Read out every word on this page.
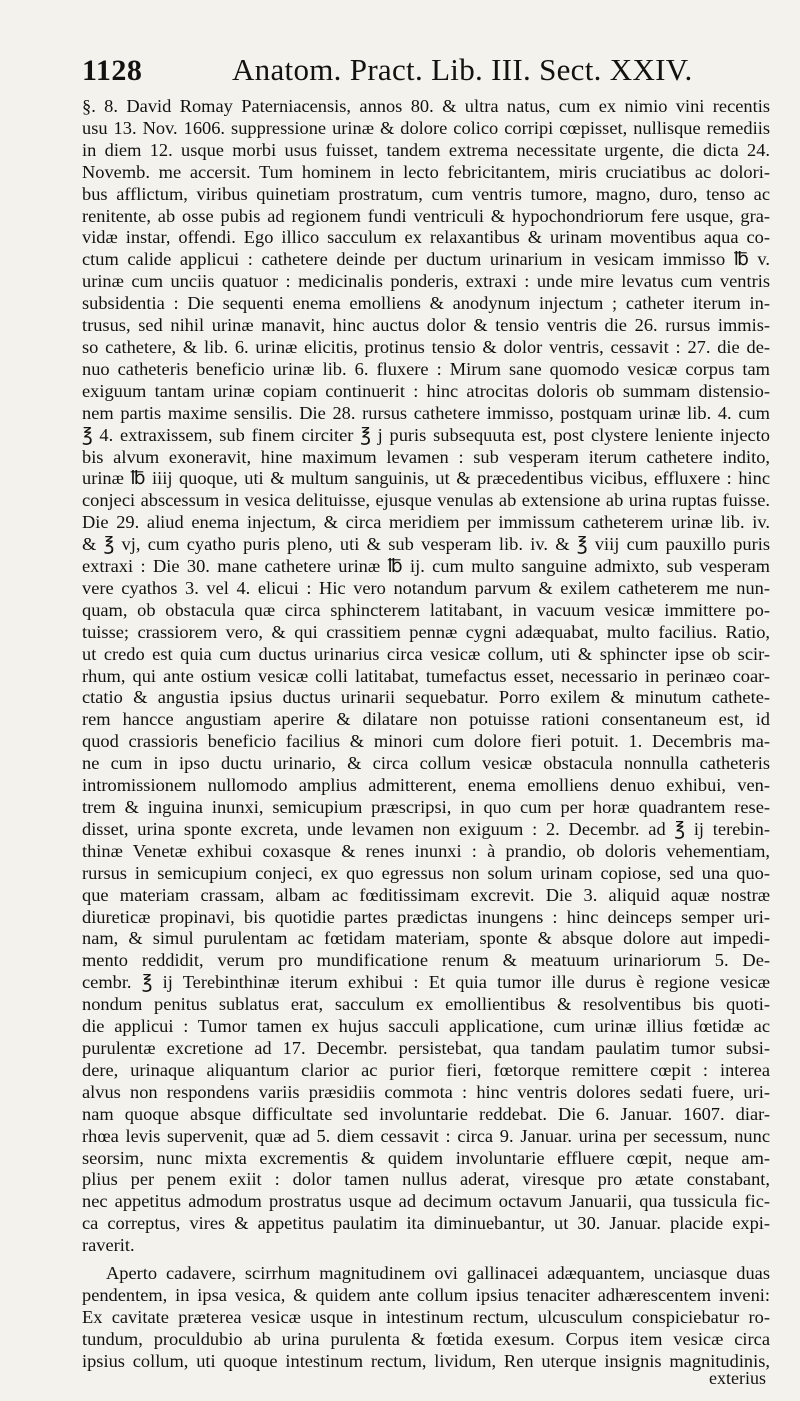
1128	Anatom. Pract. Lib. III. Sect. XXIV.
§. 8. David Romay Paterniacensis, annos 80. & ultra natus, cum ex nimio vini recentis
usu 13. Nov. 1606. suppressione urinæ & dolore colico corripi cœpisset, nullisque remediis
in diem 12. usque morbi usus fuisset, tandem extrema necessitate urgente, die dicta 24.
Novemb. me accersit. Tum hominem in lecto febricitantem, miris cruciatibus ac dolori-
bus afflictum, viribus quinetiam prostratum, cum ventris tumore, magno, duro, tenso ac
renitente, ab osse pubis ad regionem fundi ventriculi & hypochondriorum fere usque, gra-
vidæ instar, offendi. Ego illico sacculum ex relaxantibus & urinam moventibus aqua co-
ctum calide applicui : cathetere deinde per ductum urinarium in vesicam immisso ℔ v.
urinæ cum unciis quatuor : medicinalis ponderis, extraxi : unde mire levatus cum ventris
subsidentia : Die sequenti enema emolliens & anodynum injectum ; catheter iterum in-
trusus, sed nihil urinæ manavit, hinc auctus dolor & tensio ventris die 26. rursus immis-
so cathetere, & lib. 6. urinæ elicitis, protinus tensio & dolor ventris, cessavit : 27. die de-
nuo catheteris beneficio urinæ lib. 6. fluxere : Mirum sane quomodo vesicæ corpus tam
exiguum tantam urinæ copiam continuerit : hinc atrocitas doloris ob summam distensio-
nem partis maxime sensilis. Die 28. rursus cathetere immisso, postquam urinæ lib. 4. cum
℥ 4. extraxissem, sub finem circiter ℥ j puris subsequuta est, post clystere leniente injecto
bis alvum exoneravit, hine maximum levamen : sub vesperam iterum cathetere indito,
urinæ ℔ iiij quoque, uti & multum sanguinis, ut & præcedentibus vicibus, effluxere : hinc
conjeci abscessum in vesica delituisse, ejusque venulas ab extensione ab urina ruptas fuisse.
Die 29. aliud enema injectum, & circa meridiem per immissum catheterem urinæ lib. iv.
& ℥ vj, cum cyatho puris pleno, uti & sub vesperam lib. iv. & ℥ viij cum pauxillo puris
extraxi : Die 30. mane cathetere urinæ ℔ ij. cum multo sanguine admixto, sub vesperam
vere cyathos 3. vel 4. elicui : Hic vero notandum parvum & exilem catheterem me nun-
quam, ob obstacula quæ circa sphincterem latitabant, in vacuum vesicæ immittere po-
tuisse; crassiorem vero, & qui crassitiem pennæ cygni adæquabat, multo facilius. Ratio,
ut credo est quia cum ductus urinarius circa vesicæ collum, uti & sphincter ipse ob scir-
rhum, qui ante ostium vesicæ colli latitabat, tumefactus esset, necessario in perinæo coar-
ctatio & angustia ipsius ductus urinarii sequebatur. Porro exilem & minutum cathete-
rem hancce angustiam aperire & dilatare non potuisse rationi consentaneum est, id
quod crassioris beneficio facilius & minori cum dolore fieri potuit. 1. Decembris ma-
ne cum in ipso ductu urinario, & circa collum vesicæ obstacula nonnulla catheteris
intromissionem nullomodo amplius admitterent, enema emolliens denuo exhibui, ven-
trem & inguina inunxi, semicupium præscripsi, in quo cum per horæ quadrantem rese-
disset, urina sponte excreta, unde levamen non exiguum : 2. Decembr. ad ℥ ij terebin-
thinæ Venetæ exhibui coxasque & renes inunxi : à prandio, ob doloris vehementiam,
rursus in semicupium conjeci, ex quo egressus non solum urinam copiose, sed una quo-
que materiam crassam, albam ac fœditissimam excrevit. Die 3. aliquid aquæ nostræ
diureticæ propinavi, bis quotidie partes prædictas inungens : hinc deinceps semper uri-
nam, & simul purulentam ac fœtidam materiam, sponte & absque dolore aut impedi-
mento reddidit, verum pro mundificatione renum & meatuum urinariorum 5. De-
cembr. ℥ ij Terebinthinæ iterum exhibui : Et quia tumor ille durus è regione vesicæ
nondum penitus sublatus erat, sacculum ex emollientibus & resolventibus bis quoti-
die applicui : Tumor tamen ex hujus sacculi applicatione, cum urinæ illius fœtidæ ac
purulentæ excretione ad 17. Decembr. persistebat, qua tandam paulatim tumor subsi-
dere, urinaque aliquantum clarior ac purior fieri, fœtorque remittere cœpit : interea
alvus non respondens variis præsidiis commota : hinc ventris dolores sedati fuere, uri-
nam quoque absque difficultate sed involuntarie reddebat. Die 6. Januar. 1607. diar-
rhœa levis supervenit, quæ ad 5. diem cessavit : circa 9. Januar. urina per secessum, nunc
seorsim, nunc mixta excrementis & quidem involuntarie effluere cœpit, neque am-
plius per penem exiit : dolor tamen nullus aderat, viresque pro ætate constabant,
nec appetitus admodum prostratus usque ad decimum octavum Januarii, qua tussicula fic-
ca correptus, vires & appetitus paulatim ita diminuebantur, ut 30. Januar. placide expi-
raverit.
Aperto cadavere, scirrhum magnitudinem ovi gallinacei adæquantem, unciasque duas
pendentem, in ipsa vesica, & quidem ante collum ipsius tenaciter adhærescentem inveni:
Ex cavitate præterea vesicæ usque in intestinum rectum, ulcusculum conspiciebatur ro-
tundum, proculdubio ab urina purulenta & fœtida exesum. Corpus item vesicæ circa
ipsius collum, uti quoque intestinum rectum, lividum, Ren uterque insignis magnitudinis,
exterius
